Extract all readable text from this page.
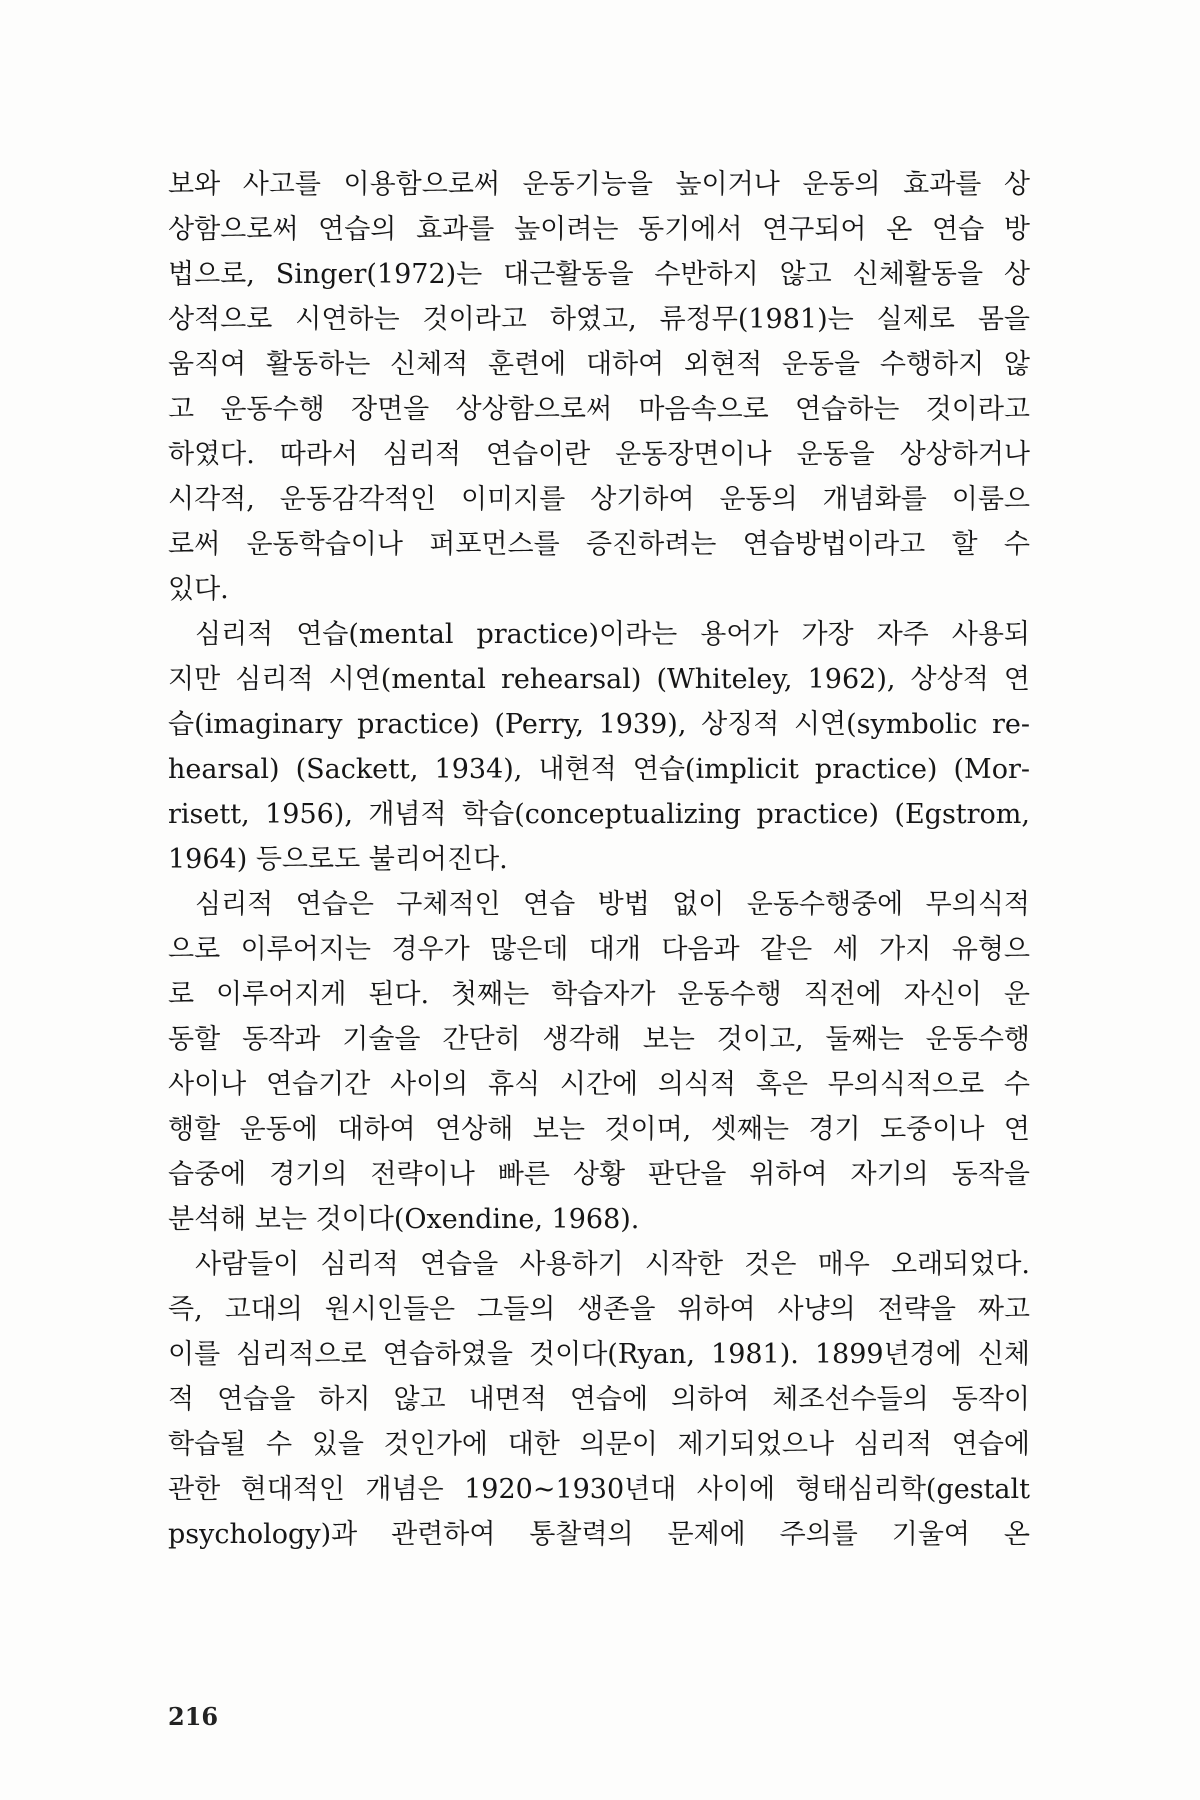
보와 사고를 이용함으로써 운동기능을 높이거나 운동의 효과를 상
상함으로써 연습의 효과를 높이려는 동기에서 연구되어 온 연습 방
법으로, Singer(1972)는 대근활동을 수반하지 않고 신체활동을 상
상적으로 시연하는 것이라고 하였고, 류정무(1981)는 실제로 몸을
움직여 활동하는 신체적 훈련에 대하여 외현적 운동을 수행하지 않
고 운동수행 장면을 상상함으로써 마음속으로 연습하는 것이라고
하였다. 따라서 심리적 연습이란 운동장면이나 운동을 상상하거나
시각적, 운동감각적인 이미지를 상기하여 운동의 개념화를 이룸으
로써 운동학습이나 퍼포먼스를 증진하려는 연습방법이라고 할 수
있다.
심리적 연습(mental practice)이라는 용어가 가장 자주 사용되
지만 심리적 시연(mental rehearsal) (Whiteley, 1962), 상상적 연
습(imaginary practice) (Perry, 1939), 상징적 시연(symbolic re-
hearsal) (Sackett, 1934), 내현적 연습(implicit practice) (Mor-
risett, 1956), 개념적 학습(conceptualizing practice) (Egstrom,
1964) 등으로도 불리어진다.
심리적 연습은 구체적인 연습 방법 없이 운동수행중에 무의식적
으로 이루어지는 경우가 많은데 대개 다음과 같은 세 가지 유형으
로 이루어지게 된다. 첫째는 학습자가 운동수행 직전에 자신이 운
동할 동작과 기술을 간단히 생각해 보는 것이고, 둘째는 운동수행
사이나 연습기간 사이의 휴식 시간에 의식적 혹은 무의식적으로 수
행할 운동에 대하여 연상해 보는 것이며, 셋째는 경기 도중이나 연
습중에 경기의 전략이나 빠른 상황 판단을 위하여 자기의 동작을
분석해 보는 것이다(Oxendine, 1968).
사람들이 심리적 연습을 사용하기 시작한 것은 매우 오래되었다.
즉, 고대의 원시인들은 그들의 생존을 위하여 사냥의 전략을 짜고
이를 심리적으로 연습하였을 것이다(Ryan, 1981). 1899년경에 신체
적 연습을 하지 않고 내면적 연습에 의하여 체조선수들의 동작이
학습될 수 있을 것인가에 대한 의문이 제기되었으나 심리적 연습에
관한 현대적인 개념은 1920~1930년대 사이에 형태심리학(gestalt
psychology)과 관련하여 통찰력의 문제에 주의를 기울여 온
216
